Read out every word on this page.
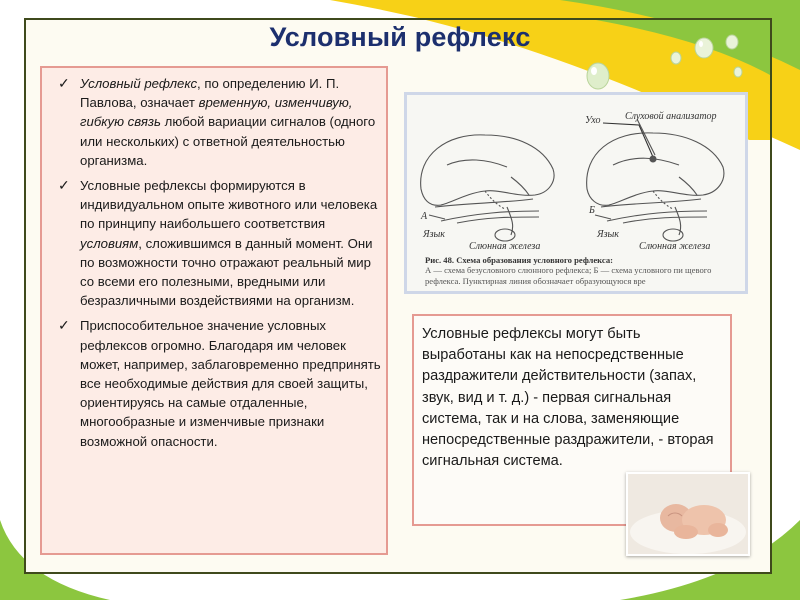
Условный рефлекс
✓ Условный рефлекс, по определению И. П. Павлова, означает временную, изменчивую, гибкую связь любой вариации сигналов (одного или нескольких) с ответной деятельностью организма.
✓ Условные рефлексы формируются в индивидуальном опыте животного или человека по принципу наибольшего соответствия условиям, сложившимся в данный момент. Они по возможности точно отражают реальный мир со всеми его полезными, вредными или безразличными воздействиями на организм.
✓ Приспособительное значение условных рефлексов огромно. Благодаря им человек может, например, заблаговременно предпринять все необходимые действия для своей защиты, ориентируясь на самые отдаленные, многообразные и изменчивые признаки возможной опасности.
Ухо Слуховой анализатор
А
Б
Язык	Язык
Слюнная железа	Слюнная железа
Рис. 48. Схема образования условного рефлекса:
А — схема безусловного слюнного рефлекса; Б — схема условного пи щевого рефлекса. Пунктирная линия обозначает образующуюся вре
Условные рефлексы могут быть выработаны как на непосредственные раздражители действительности (запах, звук, вид и т. д.) - первая сигнальная система, так и на слова, заменяющие непосредственные раздражители, - вторая сигнальная система.
